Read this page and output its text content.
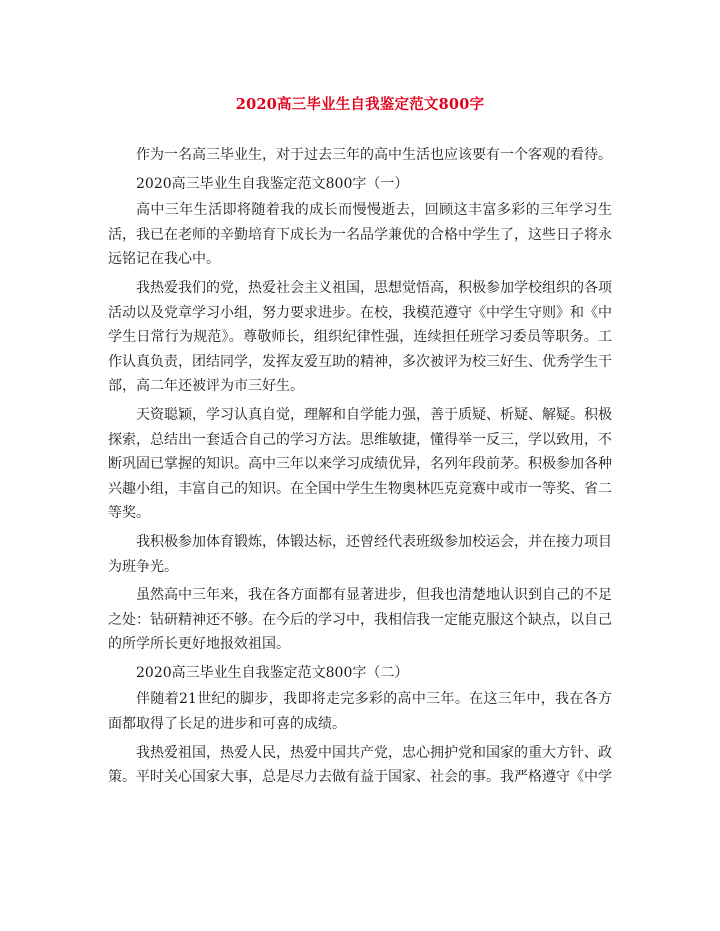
2020高三毕业生自我鉴定范文800字

作为一名高三毕业生，对于过去三年的高中生活也应该要有一个客观的看待。

2020高三毕业生自我鉴定范文800字（一）

高中三年生活即将随着我的成长而慢慢逝去，回顾这丰富多彩的三年学习生活，我已在老师的辛勤培育下成长为一名品学兼优的合格中学生了，这些日子将永远铭记在我心中。

我热爱我们的党，热爱社会主义祖国，思想觉悟高，积极参加学校组织的各项活动以及党章学习小组，努力要求进步。在校，我模范遵守《中学生守则》和《中学生日常行为规范》。尊敬师长，组织纪律性强，连续担任班学习委员等职务。工作认真负责，团结同学，发挥友爱互助的精神，多次被评为校三好生、优秀学生干部，高二年还被评为市三好生。

天资聪颖，学习认真自觉，理解和自学能力强，善于质疑、析疑、解疑。积极探索，总结出一套适合自己的学习方法。思维敏捷，懂得举一反三，学以致用，不断巩固已掌握的知识。高中三年以来学习成绩优异，名列年段前茅。积极参加各种兴趣小组，丰富自己的知识。在全国中学生生物奥林匹克竞赛中或市一等奖、省二等奖。

我积极参加体育锻炼，体锻达标，还曾经代表班级参加校运会，并在接力项目为班争光。

虽然高中三年来，我在各方面都有显著进步，但我也清楚地认识到自己的不足之处：钻研精神还不够。在今后的学习中，我相信我一定能克服这个缺点，以自己的所学所长更好地报效祖国。

2020高三毕业生自我鉴定范文800字（二）

伴随着21世纪的脚步，我即将走完多彩的高中三年。在这三年中，我在各方面都取得了长足的进步和可喜的成绩。

我热爱祖国，热爱人民，热爱中国共产党，忠心拥护党和国家的重大方针、政策。平时关心国家大事，总是尽力去做有益于国家、社会的事。我严格遵守《中学
